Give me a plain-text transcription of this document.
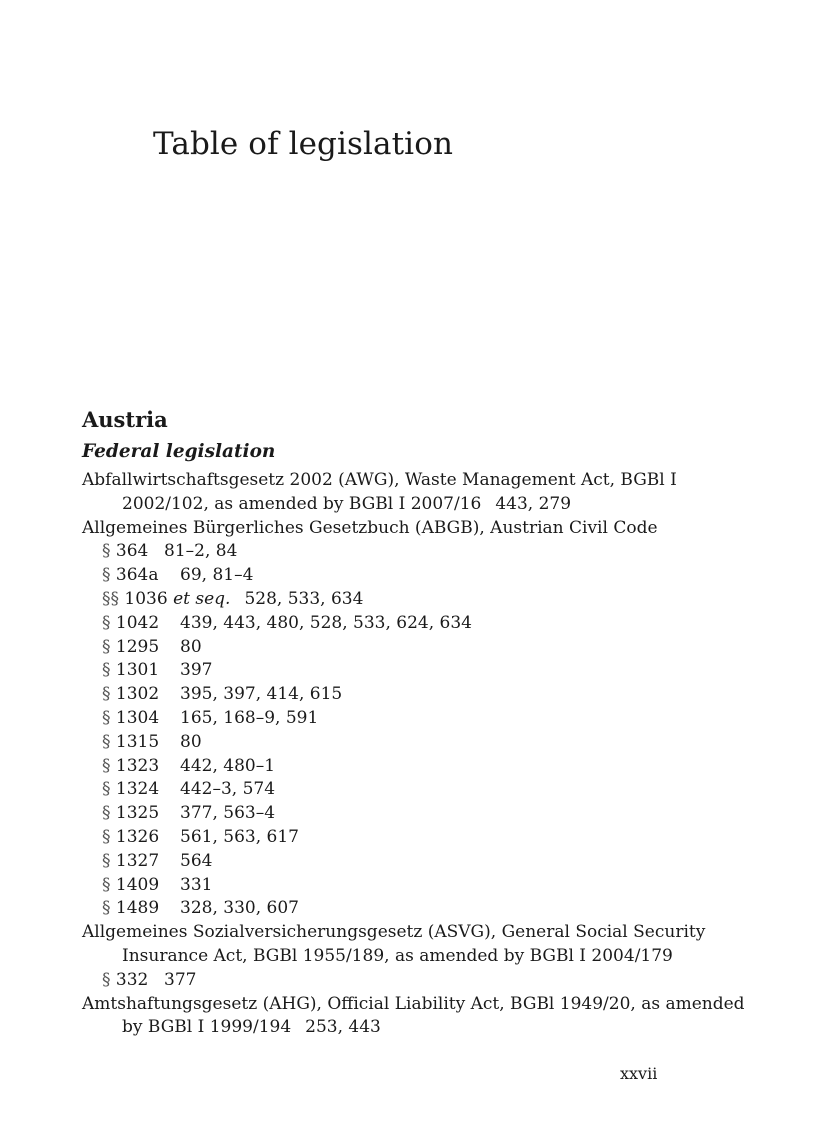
Table of legislation
Austria
Federal legislation

Abfallwirtschaftsgesetz 2002 (AWG), Waste Management Act, BGBl I 2002/102, as amended by BGBl I 2007/16 443, 279

Allgemeines Bürgerliches Gesetzbuch (ABGB), Austrian Civil Code

§ 364 81–2, 84

§ 364a 69, 81–4

§§ 1036 et seq. 528, 533, 634

§ 1042 439, 443, 480, 528, 533, 624, 634

§ 1295 80

§ 1301 397

§ 1302 395, 397, 414, 615

§ 1304 165, 168–9, 591

§ 1315 80

§ 1323 442, 480–1

§ 1324 442–3, 574

§ 1325 377, 563–4

§ 1326 561, 563, 617

§ 1327 564

§ 1409 331

§ 1489 328, 330, 607

Allgemeines Sozialversicherungsgesetz (ASVG), General Social Security Insurance Act, BGBl 1955/189, as amended by BGBl I 2004/179

§ 332 377

Amtshaftungsgesetz (AHG), Official Liability Act, BGBl 1949/20, as amended by BGBl I 1999/194 253, 443

xxvii
